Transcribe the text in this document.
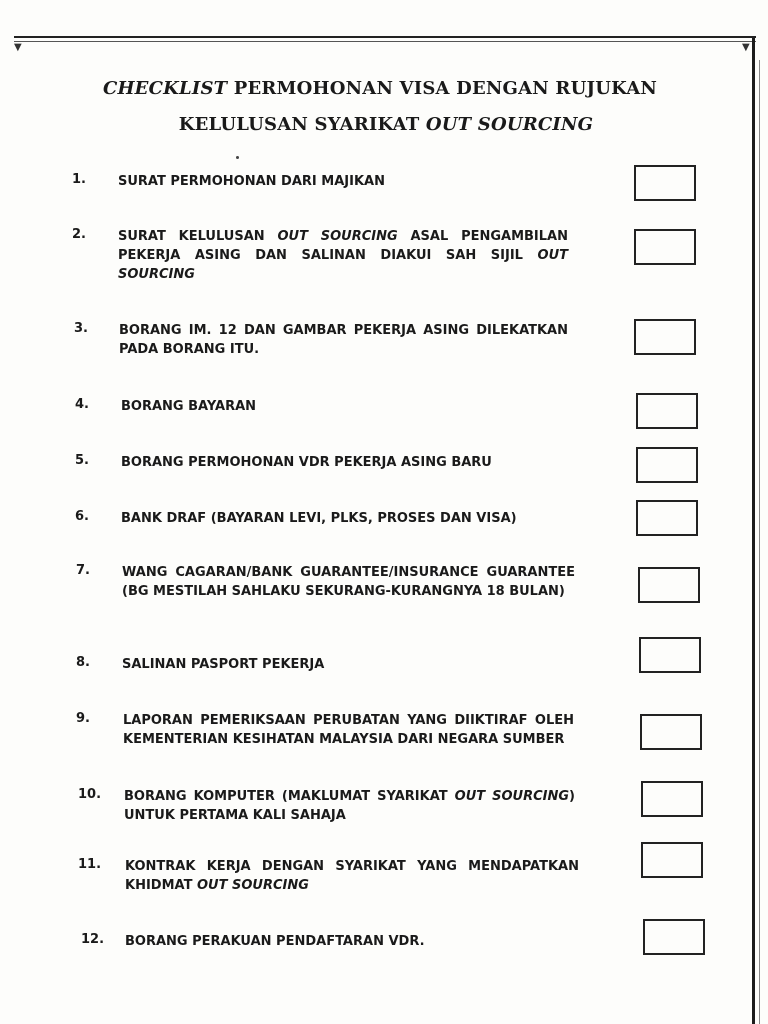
▼	▼
CHECKLIST PERMOHONAN VISA DENGAN RUJUKAN
KELULUSAN SYARIKAT OUT SOURCING
1.	SURAT PERMOHONAN DARI MAJIKAN
2.	SURAT KELULUSAN OUT SOURCING ASAL PENGAMBILAN PEKERJA ASING DAN SALINAN DIAKUI SAH SIJIL OUT SOURCING
3.	BORANG IM. 12 DAN GAMBAR PEKERJA ASING DILEKATKAN PADA BORANG ITU.
4.	BORANG BAYARAN
5.	BORANG PERMOHONAN VDR PEKERJA ASING BARU
6.	BANK DRAF (BAYARAN LEVI, PLKS, PROSES DAN VISA)
7.	WANG CAGARAN/BANK GUARANTEE/INSURANCE GUARANTEE (BG MESTILAH SAHLAKU SEKURANG-KURANGNYA 18 BULAN)
8.	SALINAN PASPORT PEKERJA
9.	LAPORAN PEMERIKSAAN PERUBATAN YANG DIIKTIRAF OLEH KEMENTERIAN KESIHATAN MALAYSIA DARI NEGARA SUMBER
10.	BORANG KOMPUTER (MAKLUMAT SYARIKAT OUT SOURCING) UNTUK PERTAMA KALI SAHAJA
11.	KONTRAK KERJA DENGAN SYARIKAT YANG MENDAPATKAN KHIDMAT OUT SOURCING
12.	BORANG PERAKUAN PENDAFTARAN VDR.
